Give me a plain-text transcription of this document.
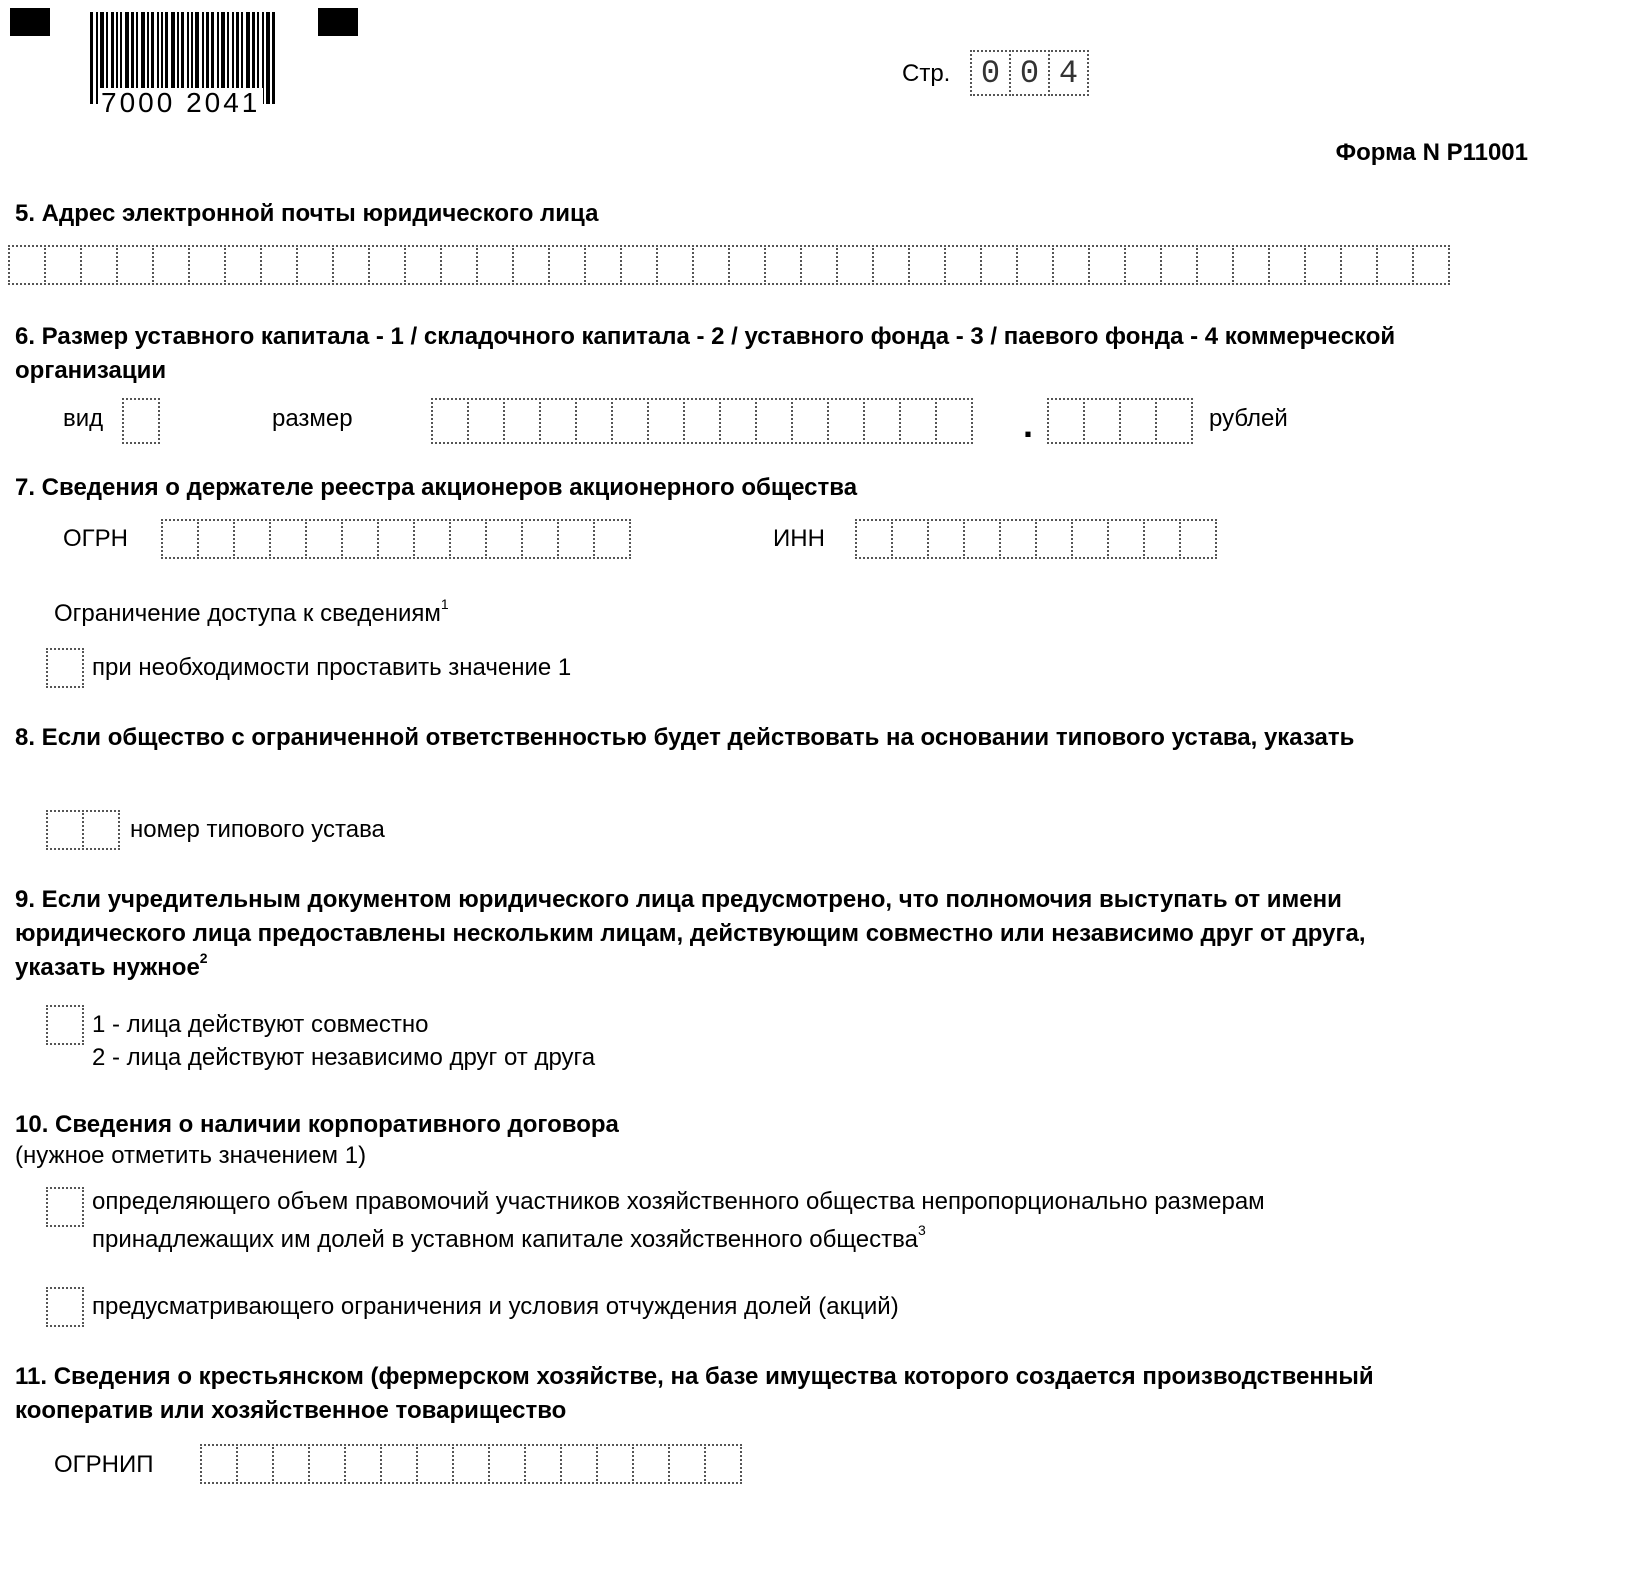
7000 2041
Стр. 0 0 4
Форма N Р11001
5. Адрес электронной почты юридического лица
6. Размер уставного капитала - 1 / складочного капитала - 2 / уставного фонда - 3 / паевого фонда - 4 коммерческой
организации
вид	размер	.	рублей
7. Сведения о держателе реестра акционеров акционерного общества
ОГРН	ИНН
Ограничение доступа к сведениям$^1$
при необходимости проставить значение 1
8. Если общество с ограниченной ответственностью будет действовать на основании типового устава, указать
номер типового устава
9. Если учредительным документом юридического лица предусмотрено, что полномочия выступать от имени
юридического лица предоставлены нескольким лицам, действующим совместно или независимо друг от друга,
указать нужное$^2$
1 - лица действуют совместно
2 - лица действуют независимо друг от друга
10. Сведения о наличии корпоративного договора
(нужное отметить значением 1)
определяющего объем правомочий участников хозяйственного общества непропорционально размерам
принадлежащих им долей в уставном капитале хозяйственного общества$^3$
предусматривающего ограничения и условия отчуждения долей (акций)
11. Сведения о крестьянском (фермерском хозяйстве, на базе имущества которого создается производственный
кооператив или хозяйственное товарищество
ОГРНИП
